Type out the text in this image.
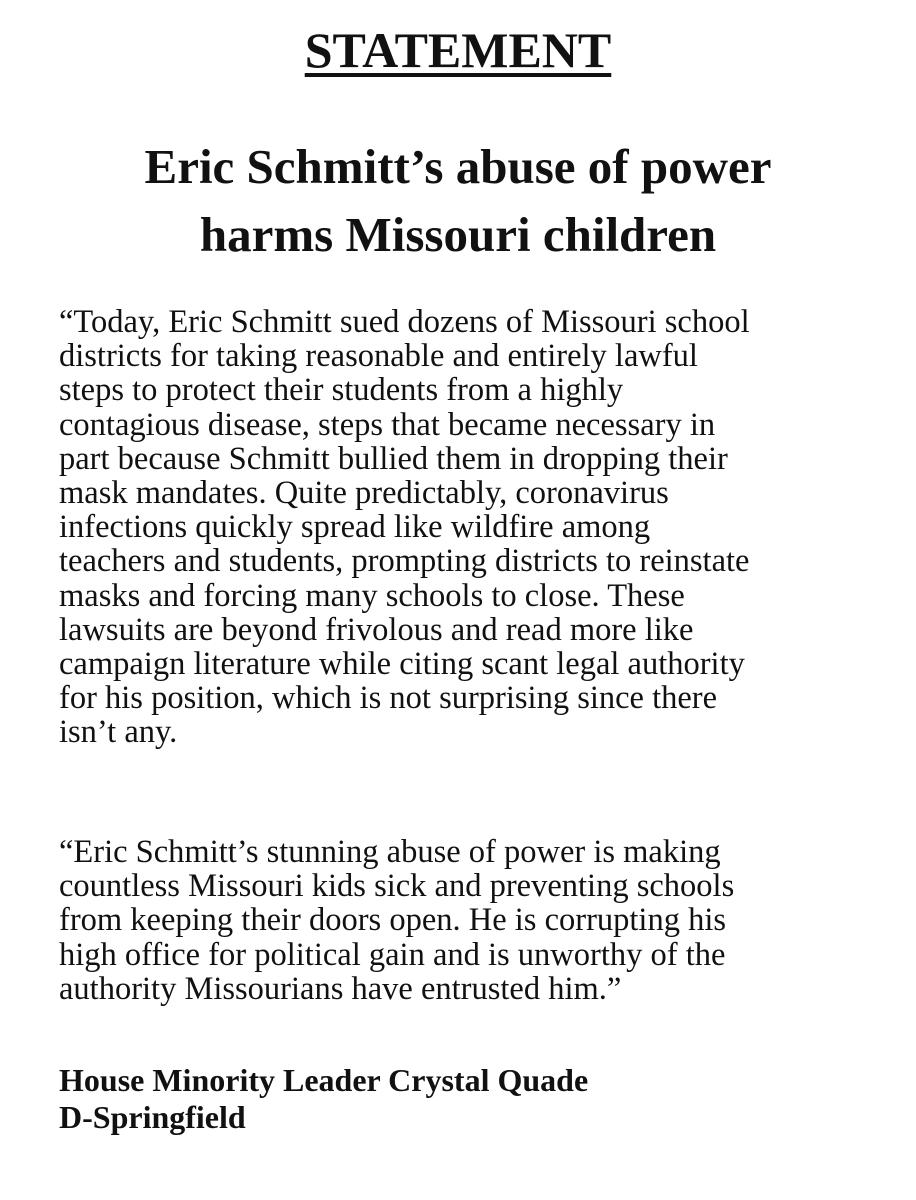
STATEMENT
Eric Schmitt’s abuse of power
harms Missouri children

“Today, Eric Schmitt sued dozens of Missouri school
districts for taking reasonable and entirely lawful
steps to protect their students from a highly
contagious disease, steps that became necessary in
part because Schmitt bullied them in dropping their
mask mandates. Quite predictably, coronavirus
infections quickly spread like wildfire among
teachers and students, prompting districts to reinstate
masks and forcing many schools to close. These
lawsuits are beyond frivolous and read more like
campaign literature while citing scant legal authority
for his position, which is not surprising since there
isn’t any.

“Eric Schmitt’s stunning abuse of power is making
countless Missouri kids sick and preventing schools
from keeping their doors open. He is corrupting his
high office for political gain and is unworthy of the
authority Missourians have entrusted him.”

House Minority Leader Crystal Quade
D-Springfield
